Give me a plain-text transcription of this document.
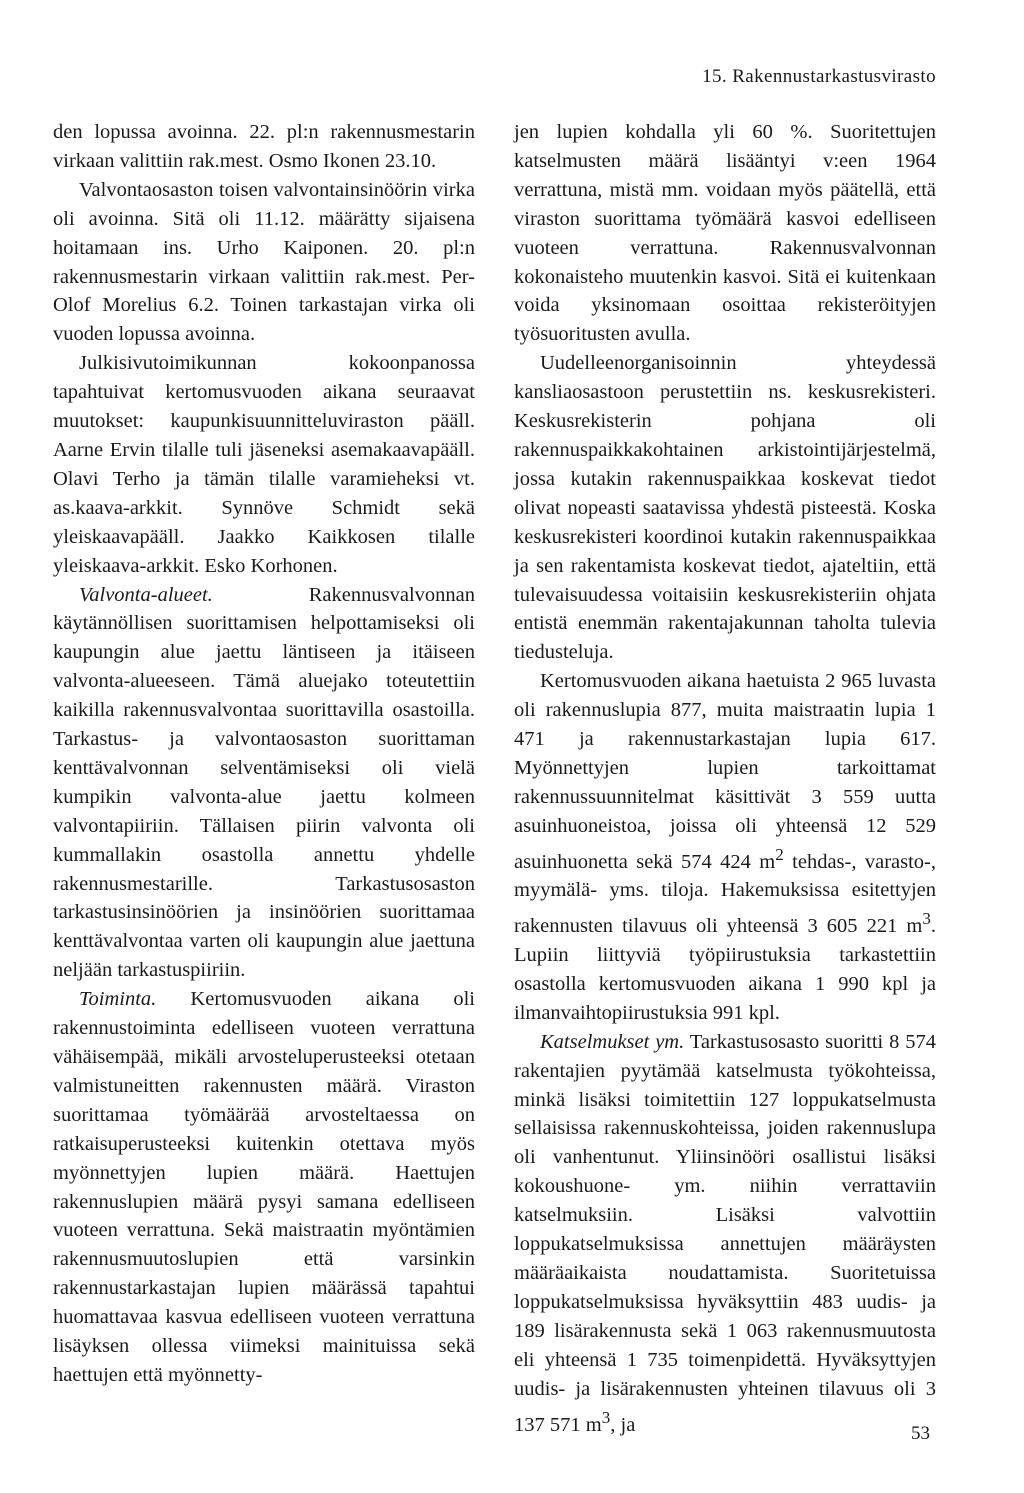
15. Rakennustarkastusvirasto

den lopussa avoinna. 22. pl:n rakennusmestarin virkaan valittiin rak.mest. Osmo Ikonen 23.10.

Valvontaosaston toisen valvontainsinöörin virka oli avoinna. Sitä oli 11.12. määrätty sijaisena hoitamaan ins. Urho Kaiponen. 20. pl:n rakennusmestarin virkaan valittiin rak.mest. Per-Olof Morelius 6.2. Toinen tarkastajan virka oli vuoden lopussa avoinna.

Julkisivutoimikunnan kokoonpanossa tapahtuivat kertomusvuoden aikana seuraavat muutokset: kaupunkisuunnitteluviraston pääll. Aarne Ervin tilalle tuli jäseneksi asemakaavapääll. Olavi Terho ja tämän tilalle varamieheksi vt. as.kaava-arkkit. Synnöve Schmidt sekä yleiskaavapääll. Jaakko Kaikkosen tilalle yleiskaava-arkkit. Esko Korhonen.

Valvonta-alueet. Rakennusvalvonnan käytännöllisen suorittamisen helpottamiseksi oli kaupungin alue jaettu läntiseen ja itäiseen valvonta-alueeseen. Tämä aluejako toteutettiin kaikilla rakennusvalvontaa suorittavilla osastoilla. Tarkastus- ja valvontaosaston suorittaman kenttävalvonnan selventämiseksi oli vielä kumpikin valvonta-alue jaettu kolmeen valvontapiiriin. Tällaisen piirin valvonta oli kummallakin osastolla annettu yhdelle rakennusmestarille. Tarkastusosaston tarkastusinsinöörien ja insinöörien suorittamaa kenttävalvontaa varten oli kaupungin alue jaettuna neljään tarkastuspiiriin.

Toiminta. Kertomusvuoden aikana oli rakennustoiminta edelliseen vuoteen verrattuna vähäisempää, mikäli arvosteluperusteeksi otetaan valmistuneitten rakennusten määrä. Viraston suorittamaa työmäärää arvosteltaessa on ratkaisuperusteeksi kuitenkin otettava myös myönnettyjen lupien määrä. Haettujen rakennuslupien määrä pysyi samana edelliseen vuoteen verrattuna. Sekä maistraatin myöntämien rakennusmuutoslupien että varsinkin rakennustarkastajan lupien määrässä tapahtui huomattavaa kasvua edelliseen vuoteen verrattuna lisäyksen ollessa viimeksi mainituissa sekä haettujen että myönnetty-

jen lupien kohdalla yli 60 %. Suoritettujen katselmusten määrä lisääntyi v:een 1964 verrattuna, mistä mm. voidaan myös päätellä, että viraston suorittama työmäärä kasvoi edelliseen vuoteen verrattuna. Rakennusvalvonnan kokonaisteho muutenkin kasvoi. Sitä ei kuitenkaan voida yksinomaan osoittaa rekisteröityjen työsuoritusten avulla.

Uudelleenorganisoinnin yhteydessä kansliaosastoon perustettiin ns. keskusrekisteri. Keskusrekisterin pohjana oli rakennuspaikkakohtainen arkistointijärjestelmä, jossa kutakin rakennuspaikkaa koskevat tiedot olivat nopeasti saatavissa yhdestä pisteestä. Koska keskusrekisteri koordinoi kutakin rakennuspaikkaa ja sen rakentamista koskevat tiedot, ajateltiin, että tulevaisuudessa voitaisiin keskusrekisteriin ohjata entistä enemmän rakentajakunnan taholta tulevia tiedusteluja.

Kertomusvuoden aikana haetuista 2 965 luvasta oli rakennuslupia 877, muita maistraatin lupia 1 471 ja rakennustarkastajan lupia 617. Myönnettyjen lupien tarkoittamat rakennussuunnitelmat käsittivät 3 559 uutta asuinhuoneistoa, joissa oli yhteensä 12 529 asuinhuonetta sekä 574 424 $m^2$ tehdas-, varasto-, myymälä- yms. tiloja. Hakemuksissa esitettyjen rakennusten tilavuus oli yhteensä 3 605 221 $m^3$. Lupiin liittyviä työpiirustuksia tarkastettiin osastolla kertomusvuoden aikana 1 990 kpl ja ilmanvaihtopiirustuksia 991 kpl.

Katselmukset ym. Tarkastusosasto suoritti 8 574 rakentajien pyytämää katselmusta työkohteissa, minkä lisäksi toimitettiin 127 loppukatselmusta sellaisissa rakennuskohteissa, joiden rakennuslupa oli vanhentunut. Yliinsinööri osallistui lisäksi kokoushuone- ym. niihin verrattaviin katselmuksiin. Lisäksi valvottiin loppukatselmuksissa annettujen määräysten määräaikaista noudattamista. Suoritetuissa loppukatselmuksissa hyväksyttiin 483 uudis- ja 189 lisärakennusta sekä 1 063 rakennusmuutosta eli yhteensä 1 735 toimenpidettä. Hyväksyttyjen uudis- ja lisärakennusten yhteinen tilavuus oli 3 137 571 $m^3$, ja	53
